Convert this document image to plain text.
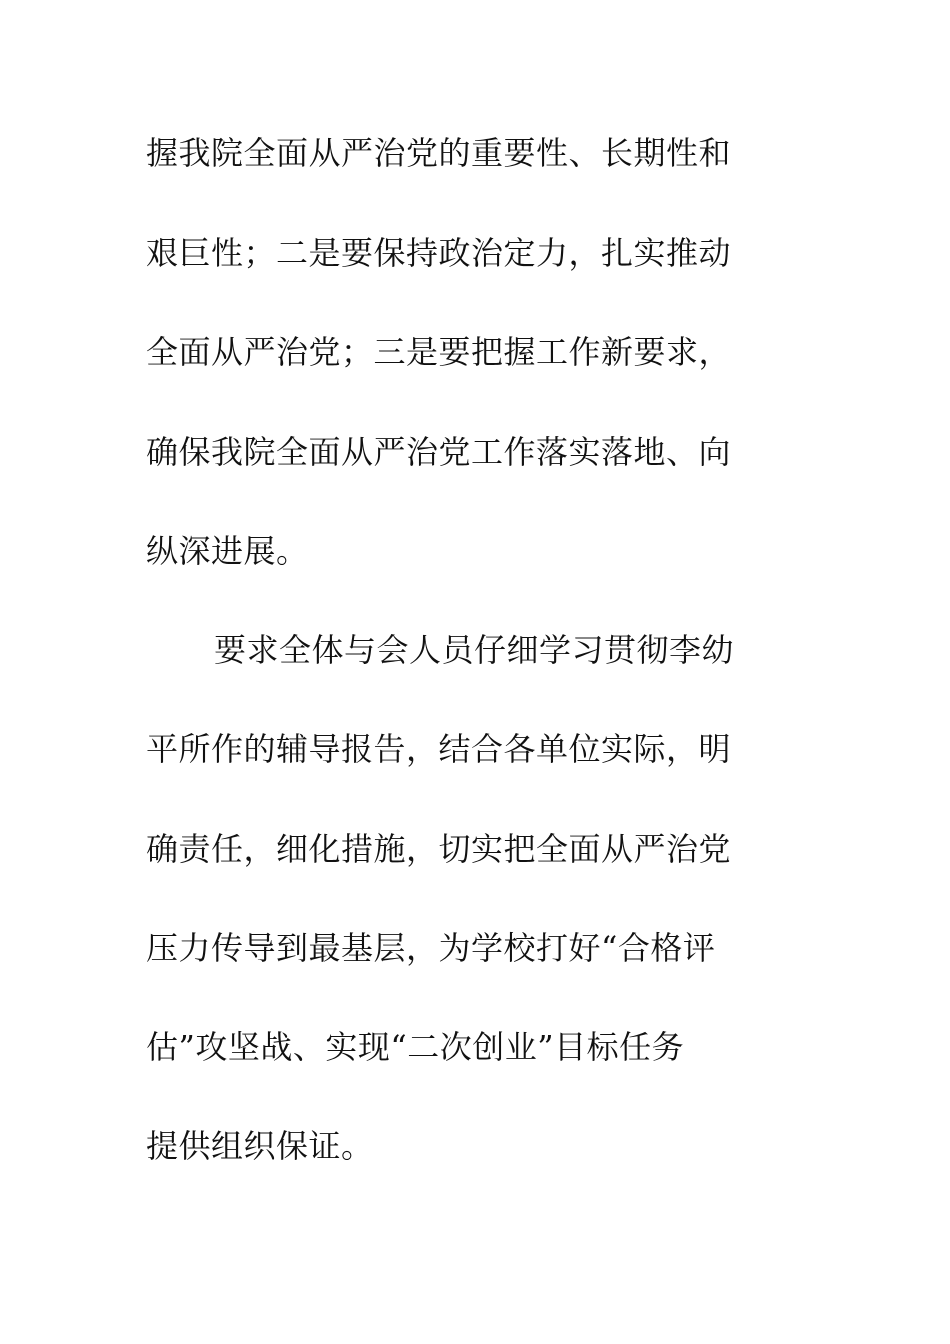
握我院全面从严治党的重要性、长期性和
艰巨性；二是要保持政治定力，扎实推动
全面从严治党；三是要把握工作新要求，
确保我院全面从严治党工作落实落地、向
纵深进展。
要求全体与会人员仔细学习贯彻李幼
平所作的辅导报告，结合各单位实际，明
确责任，细化措施，切实把全面从严治党
压力传导到最基层，为学校打好“合格评
估”攻坚战、实现“二次创业”目标任务
提供组织保证。
